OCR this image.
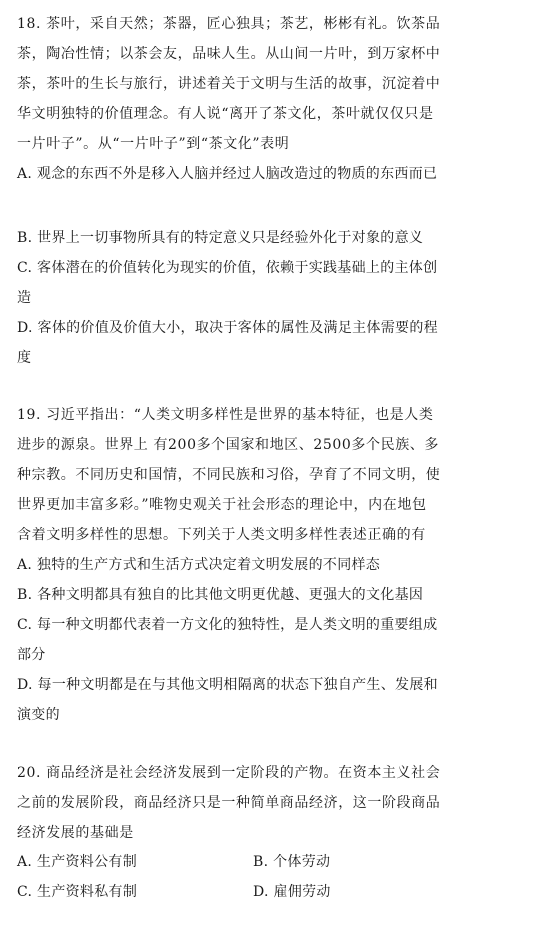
18. 茶叶，采自天然；茶器，匠心独具；茶艺，彬彬有礼。饮茶品
茶，陶冶性情；以茶会友，品味人生。从山间一片叶，到万家杯中
茶，茶叶的生长与旅行，讲述着关于文明与生活的故事，沉淀着中
华文明独特的价值理念。有人说“离开了茶文化，茶叶就仅仅只是
一片叶子”。从“一片叶子”到“茶文化”表明
A. 观念的东西不外是移入人脑并经过人脑改造过的物质的东西而已
B. 世界上一切事物所具有的特定意义只是经验外化于对象的意义
C. 客体潜在的价值转化为现实的价值，依赖于实践基础上的主体创
造
D. 客体的价值及价值大小，取决于客体的属性及满足主体需要的程
度
19. 习近平指出：“人类文明多样性是世界的基本特征，也是人类
进步的源泉。世界上 有200多个国家和地区、2500多个民族、多
种宗教。不同历史和国情，不同民族和习俗，孕育了不同文明，使
世界更加丰富多彩。”唯物史观关于社会形态的理论中，内在地包
含着文明多样性的思想。下列关于人类文明多样性表述正确的有
A. 独特的生产方式和生活方式决定着文明发展的不同样态
B. 各种文明都具有独自的比其他文明更优越、更强大的文化基因
C. 每一种文明都代表着一方文化的独特性，是人类文明的重要组成
部分
D. 每一种文明都是在与其他文明相隔离的状态下独自产生、发展和
演变的
20. 商品经济是社会经济发展到一定阶段的产物。在资本主义社会
之前的发展阶段，商品经济只是一种简单商品经济，这一阶段商品
经济发展的基础是
A. 生产资料公有制	B. 个体劳动
C. 生产资料私有制	D. 雇佣劳动
